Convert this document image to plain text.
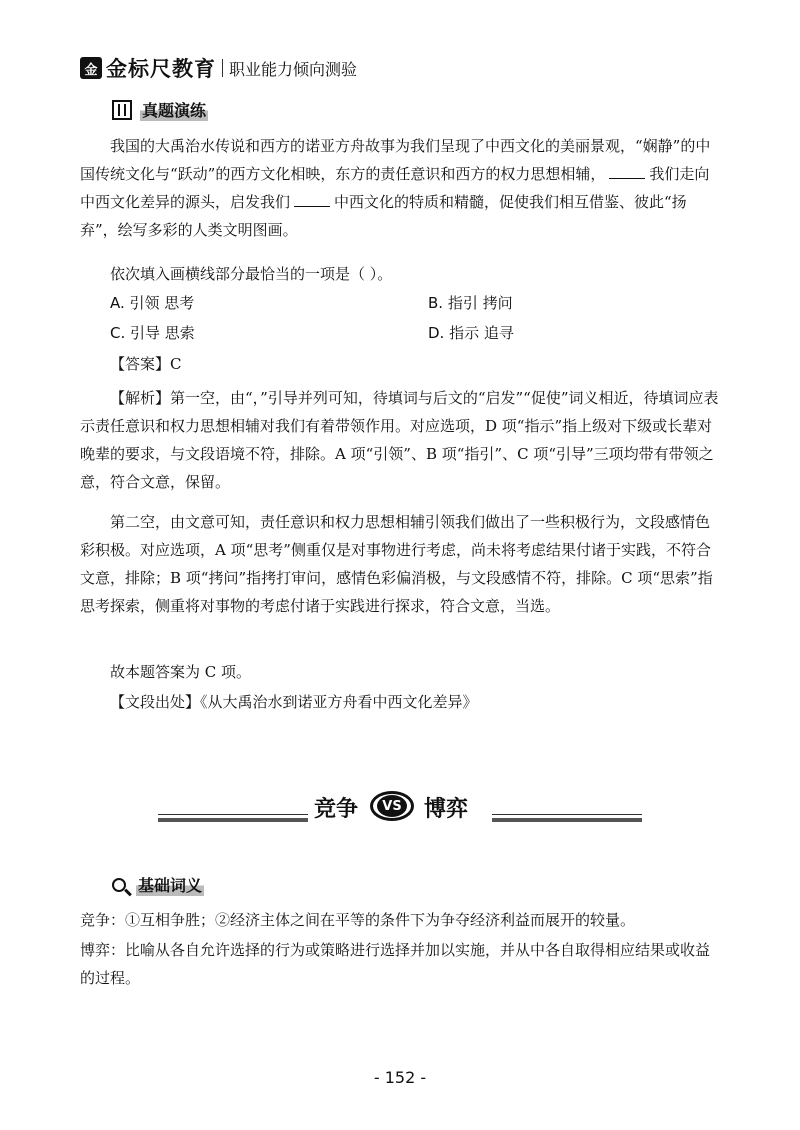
金 金标尺教育 职业能力倾向测验
真题演练
我国的大禹治水传说和西方的诺亚方舟故事为我们呈现了中西文化的美丽景观，“娴静”的中国传统文化与“跃动”的西方文化相映，东方的责任意识和西方的权力思想相辅，	我们走向中西文化差异的源头，启发我们	中西文化的特质和精髓，促使我们相互借鉴、彼此“扬弃”，绘写多彩的人类文明图画。
依次填入画横线部分最恰当的一项是（ ）。
A. 引领 思考	B. 指引 拷问
C. 引导 思索	D. 指示 追寻
【答案】C
【解析】第一空，由“，”引导并列可知，待填词与后文的“启发”“促使”词义相近，待填词应表示责任意识和权力思想相辅对我们有着带领作用。对应选项，D 项“指示”指上级对下级或长辈对晚辈的要求，与文段语境不符，排除。A 项“引领”、B 项“指引”、C 项“引导”三项均带有带领之意，符合文意，保留。
第二空，由文意可知，责任意识和权力思想相辅引领我们做出了一些积极行为，文段感情色彩积极。对应选项，A 项“思考”侧重仅是对事物进行考虑，尚未将考虑结果付诸于实践，不符合文意，排除；B 项“拷问”指拷打审问，感情色彩偏消极，与文段感情不符，排除。C 项“思索”指思考探索，侧重将对事物的考虑付诸于实践进行探求，符合文意，当选。
故本题答案为 C 项。
【文段出处】《从大禹治水到诺亚方舟看中西文化差异》
竞争	VS 博弈
基础词义
竞争：①互相争胜；②经济主体之间在平等的条件下为争夺经济利益而展开的较量。
博弈：比喻从各自允许选择的行为或策略进行选择并加以实施，并从中各自取得相应结果或收益的过程。
- 152 -
